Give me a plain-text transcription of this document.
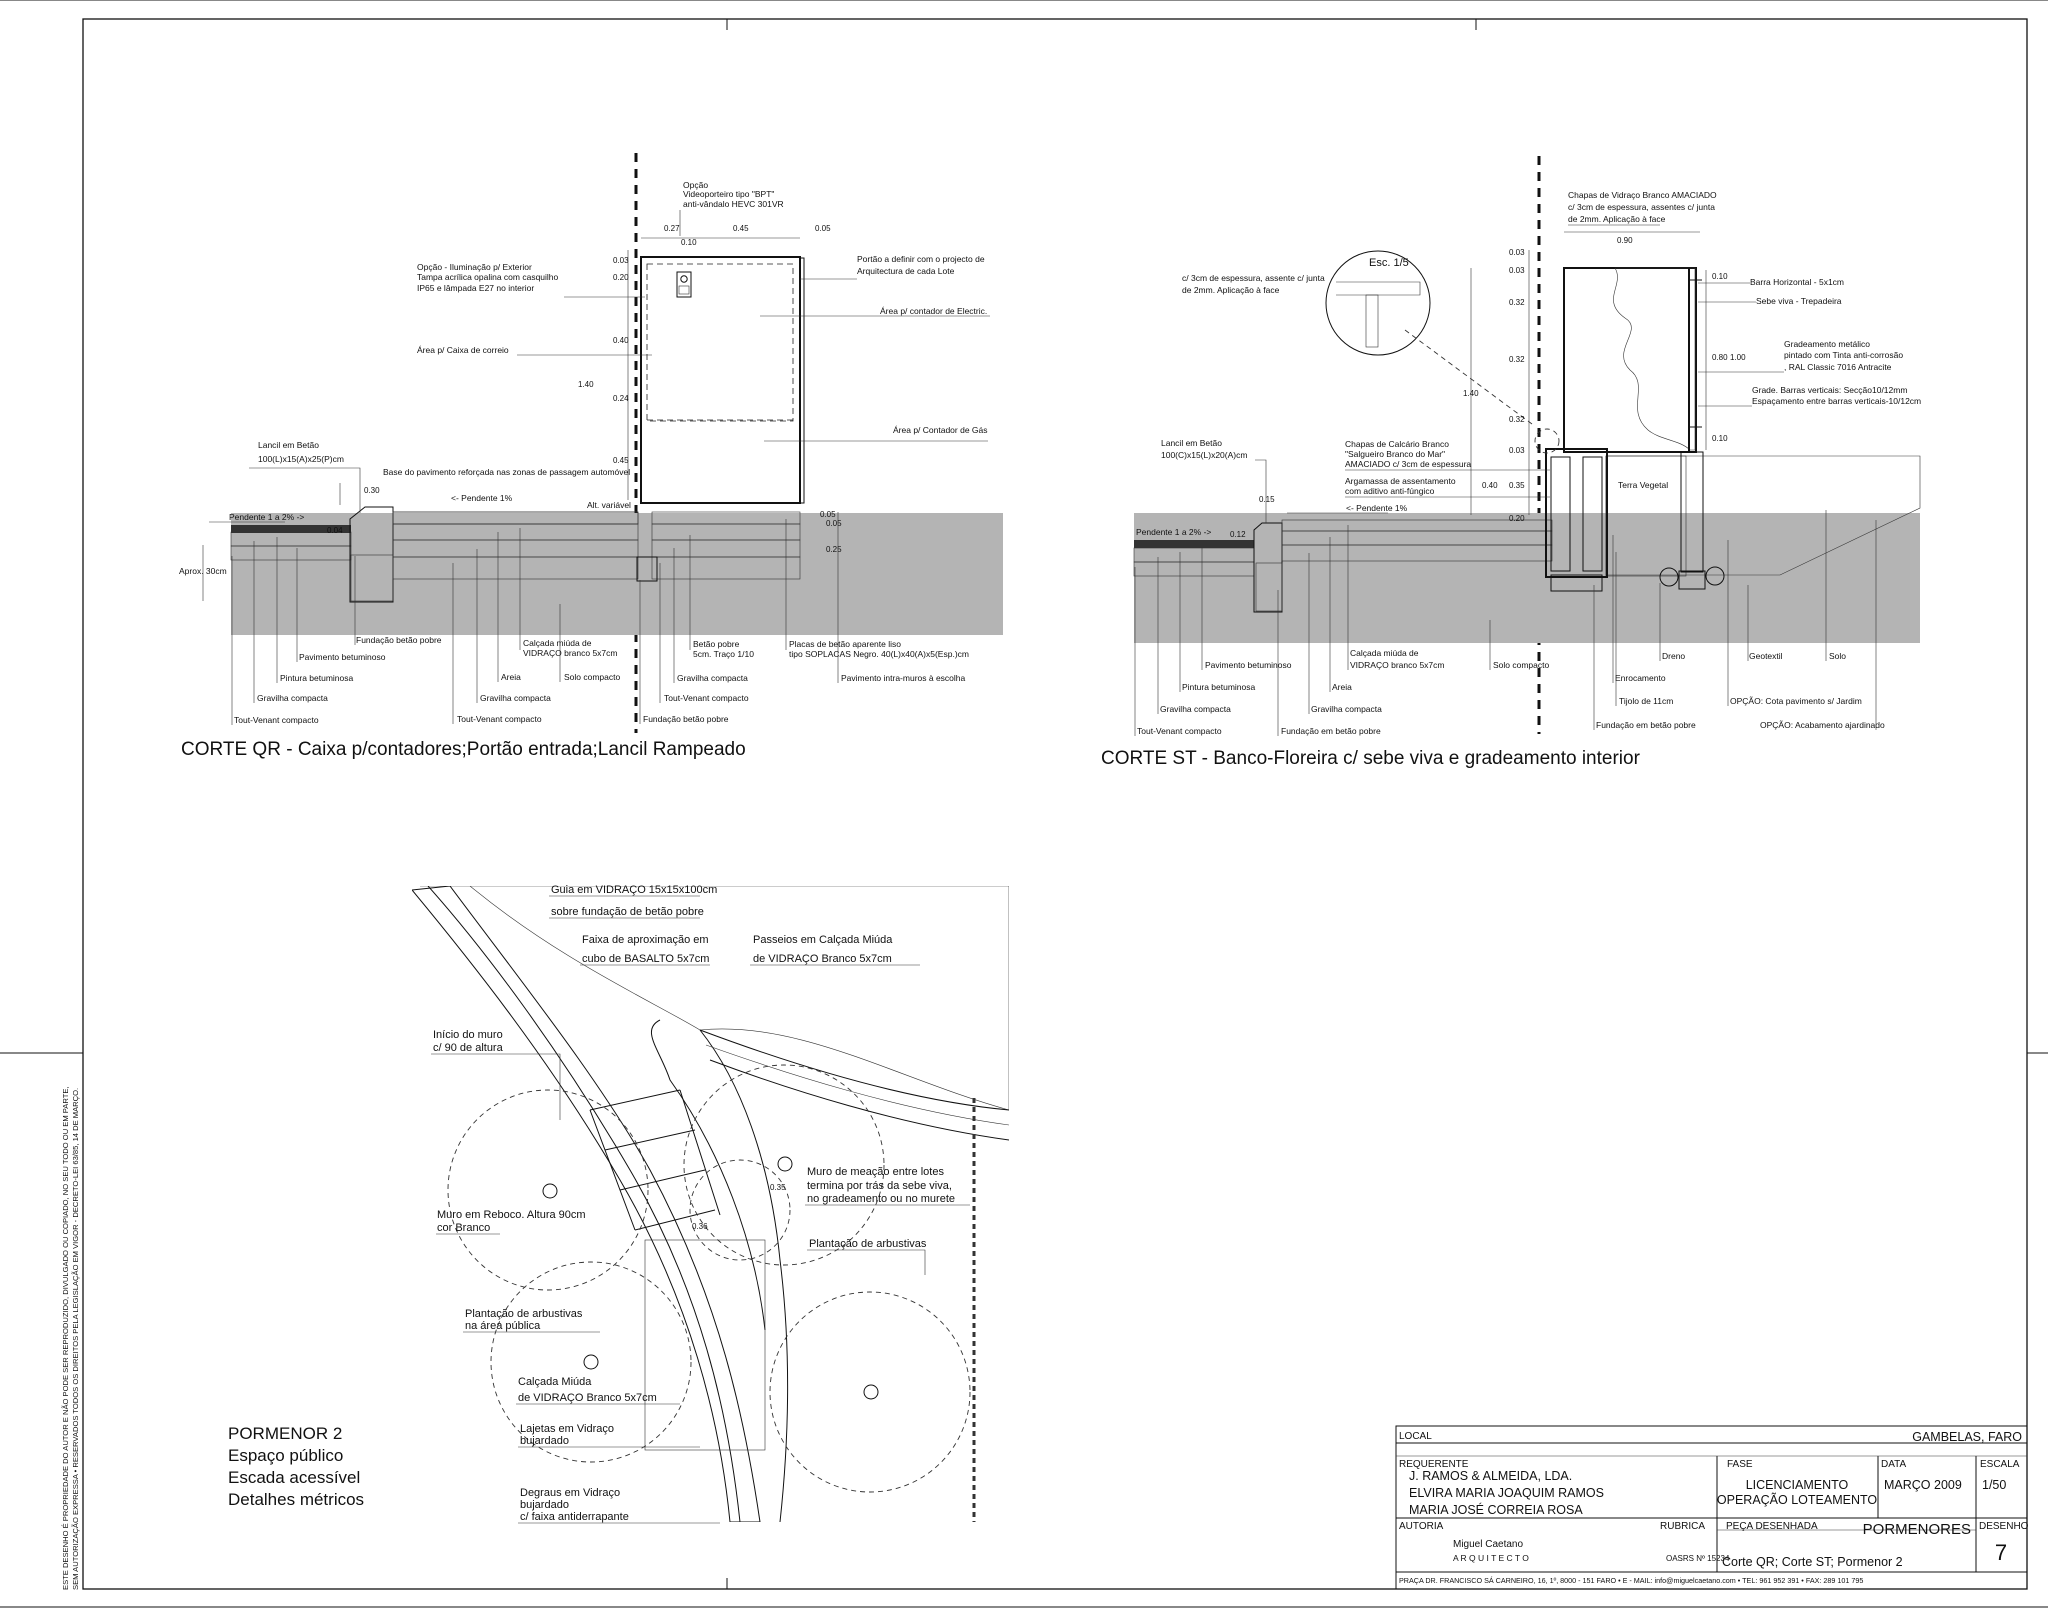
0.03
0.20
0.40
1.40
0.24
0.45
0.27	0.45	0.05
0.10
0.30
0.04
0.05
0.05
0.25
Opção
Videoporteiro tipo "BPT"
anti-vândalo HEVC 301VR
Opção - Iluminação p/ Exterior
Tampa acrílica opalina com casquilho
IP65 e lâmpada E27 no interior
Portão a definir com o projecto de
Arquitectura de cada Lote
Área p/ contador de Electric.
Área p/ Caixa de correio
Área p/ Contador de Gás
Lancil em Betão
100(L)x15(A)x25(P)cm
Base do pavimento reforçada nas zonas de passagem automóvel
<- Pendente 1%
Pendente 1 a 2% ->
Alt. variável
Aprox. 30cm
Fundação betão pobre
Pavimento betuminoso
Pintura betuminosa
Gravilha compacta
Tout-Venant compacto
Calçada miúda de
VIDRAÇO branco 5x7cm
Areia	Solo compacto
Gravilha compacta
Tout-Venant compacto
Betão pobre
5cm. Traço 1/10
Gravilha compacta
Tout-Venant compacto
Fundação betão pobre
Placas de betão aparente liso
tipo SOPLACAS Negro. 40(L)x40(A)x5(Esp.)cm
Pavimento intra-muros à escolha
CORTE QR - Caixa p/contadores;Portão entrada;Lancil Rampeado
0.90
0.03
0.03
0.32
0.32
0.32
1.40
0.03
0.35
0.40
0.15
0.12
0.10
0.80 1.00
0.10
0.20
Chapas de Vidraço Branco AMACIADO
c/ 3cm de espessura, assentes c/ junta
de 2mm. Aplicação à face
Esc. 1/5
c/ 3cm de espessura, assente c/ junta
de 2mm. Aplicação à face
Barra Horizontal - 5x1cm
Sebe viva - Trepadeira
Gradeamento metálico
pintado com Tinta anti-corrosão
, RAL Classic 7016 Antracite
Grade. Barras verticais: Secção10/12mm
Espaçamento entre barras verticais-10/12cm
Lancil em Betão
100(C)x15(L)x20(A)cm
Chapas de Calcário Branco
"Salgueiro Branco do Mar"
AMACIADO c/ 3cm de espessura
Argamassa de assentamento
com aditivo anti-fúngico
<- Pendente 1%
Pendente 1 a 2% ->
Terra Vegetal
Dreno	Geotextil	Solo
Enrocamento
Tijolo de 11cm
Fundação em betão pobre
OPÇÃO: Cota pavimento s/ Jardim
OPÇÃO: Acabamento ajardinado
Pavimento betuminoso
Pintura betuminosa
Gravilha compacta
Tout-Venant compacto
Calçada miúda de
VIDRAÇO branco 5x7cm
Areia
Gravilha compacta
Fundação em betão pobre
Solo compacto
CORTE ST - Banco-Floreira c/ sebe viva e gradeamento interior
Guia em VIDRAÇO 15x15x100cm
sobre fundação de betão pobre
Faixa de aproximação em
cubo de BASALTO 5x7cm
Passeios em Calçada Miúda
de VIDRAÇO Branco 5x7cm
Início do muro
c/ 90 de altura
Muro de meação entre lotes
termina por trás da sebe viva,
no gradeamento ou no murete
Muro em Reboco. Altura 90cm
cor Branco
Plantação de arbustivas
Plantação de arbustivas
na área pública
Calçada Miúda
de VIDRAÇO Branco 5x7cm
Lajetas em Vidraço
bujardado
Degraus em Vidraço
bujardado
c/ faixa antiderrapante
0.35
0.36
PORMENOR 2
Espaço público
Escada acessível
Detalhes métricos
ESTE DESENHO É PROPRIEDADE DO AUTOR E NÃO PODE SER REPRODUZIDO, DIVULGADO OU COPIADO, NO SEU TODO OU EM PARTE, SEM AUTORIZAÇÃO EXPRESSA • RESERVADOS TODOS OS DIREITOS PELA LEGISLAÇÃO EM VIGOR - DECRETO-LEI 63/85, 14 DE MARÇO.	LOCAL	GAMBELAS, FARO
REQUERENTE
J. RAMOS & ALMEIDA, LDA.
ELVIRA MARIA JOAQUIM RAMOS
MARIA JOSÉ CORREIA ROSA
FASE
LICENCIAMENTO
OPERAÇÃO LOTEAMENTO
DATA
MARÇO 2009
ESCALA
1/50
AUTORIA
Miguel Caetano
A R Q U I T E C T O
RUBRICA
OASRS Nº 15234
PEÇA DESENHADA	PORMENORES
Corte QR; Corte ST; Pormenor 2
DESENHO
7
PRAÇA DR. FRANCISCO SÁ CARNEIRO, 16, 1º, 8000 - 151 FARO • E - MAIL: info@miguelcaetano.com • TEL: 961 952 391 • FAX: 289 101 795
